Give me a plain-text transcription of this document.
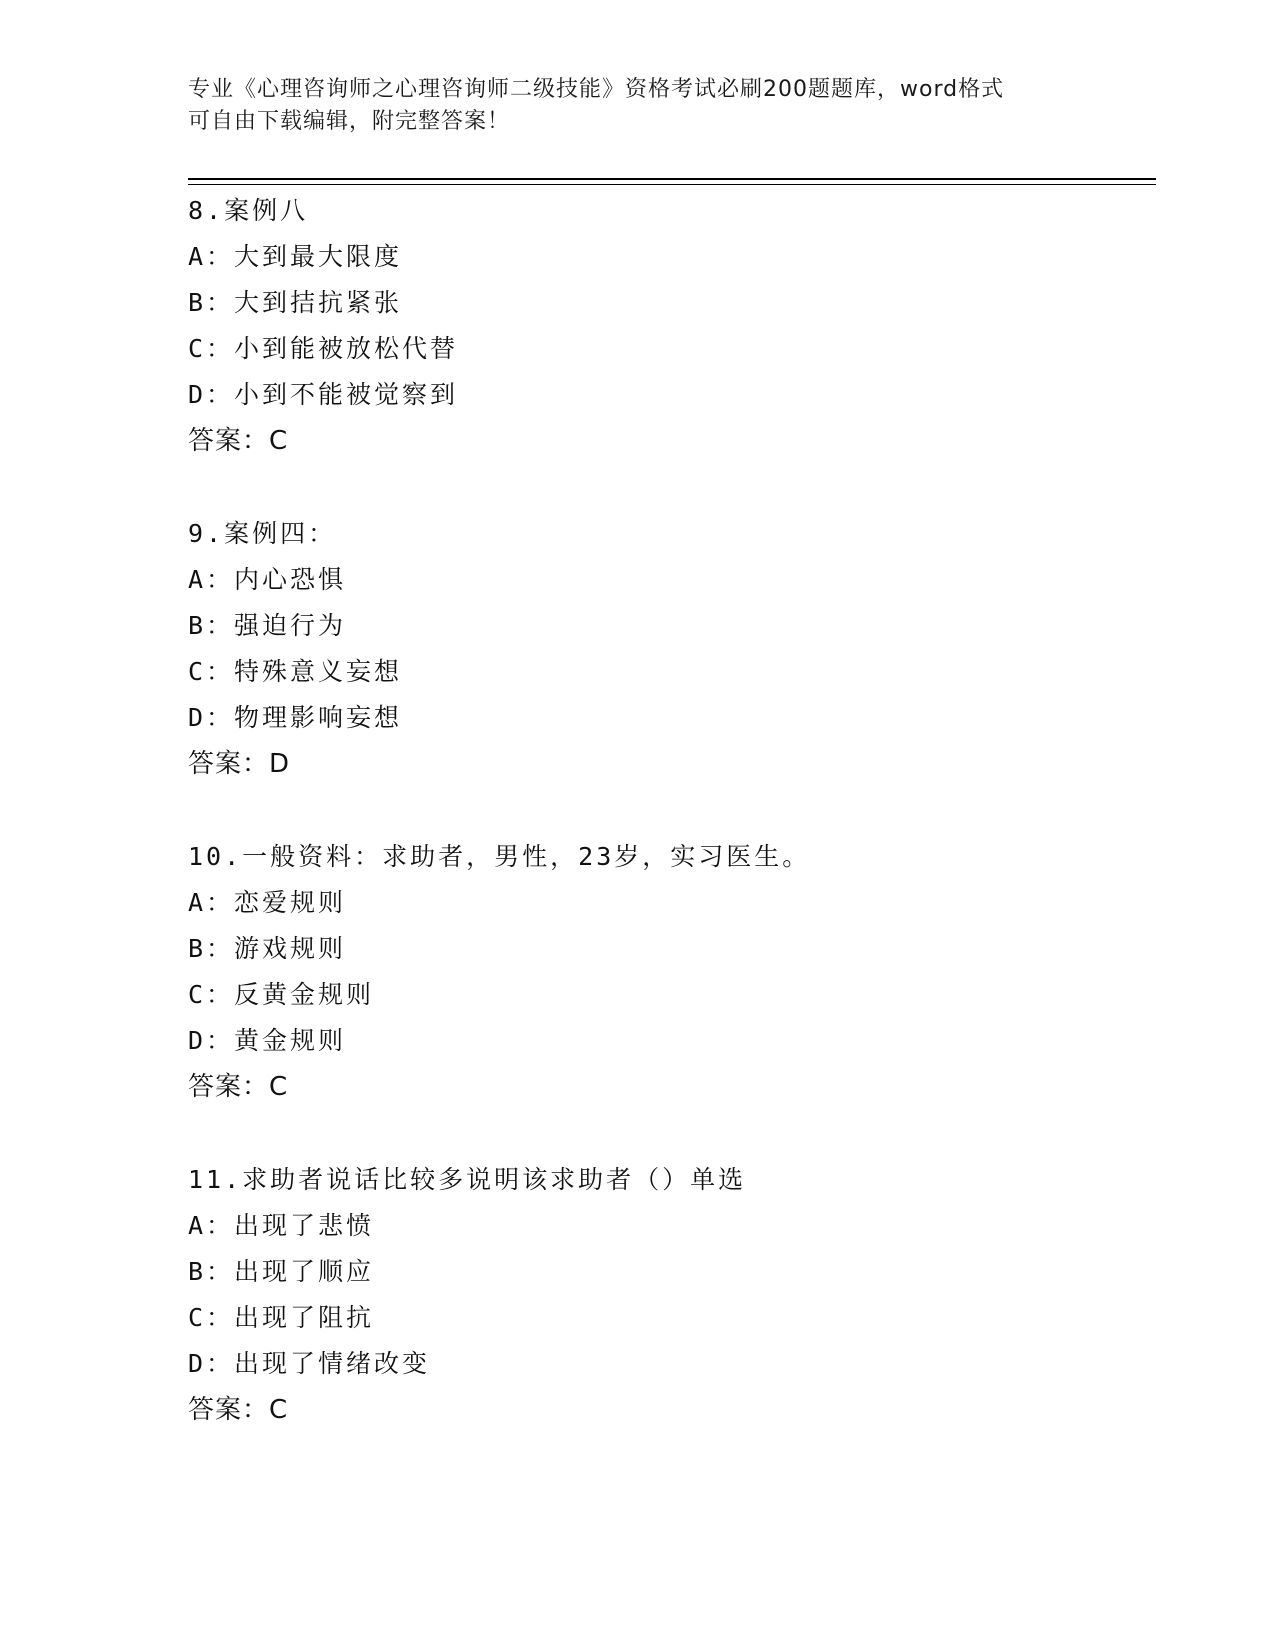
专业《心理咨询师之心理咨询师二级技能》资格考试必刷200题题库，word格式
可自由下载编辑，附完整答案！
8.案例八
A：大到最大限度
B：大到拮抗紧张
C：小到能被放松代替
D：小到不能被觉察到
答案：C
9.案例四：
A：内心恐惧
B：强迫行为
C：特殊意义妄想
D：物理影响妄想
答案：D
10.一般资料：求助者，男性，23岁，实习医生。
A：恋爱规则
B：游戏规则
C：反黄金规则
D：黄金规则
答案：C
11.求助者说话比较多说明该求助者（）单选
A：出现了悲愤
B：出现了顺应
C：出现了阻抗
D：出现了情绪改变
答案：C
